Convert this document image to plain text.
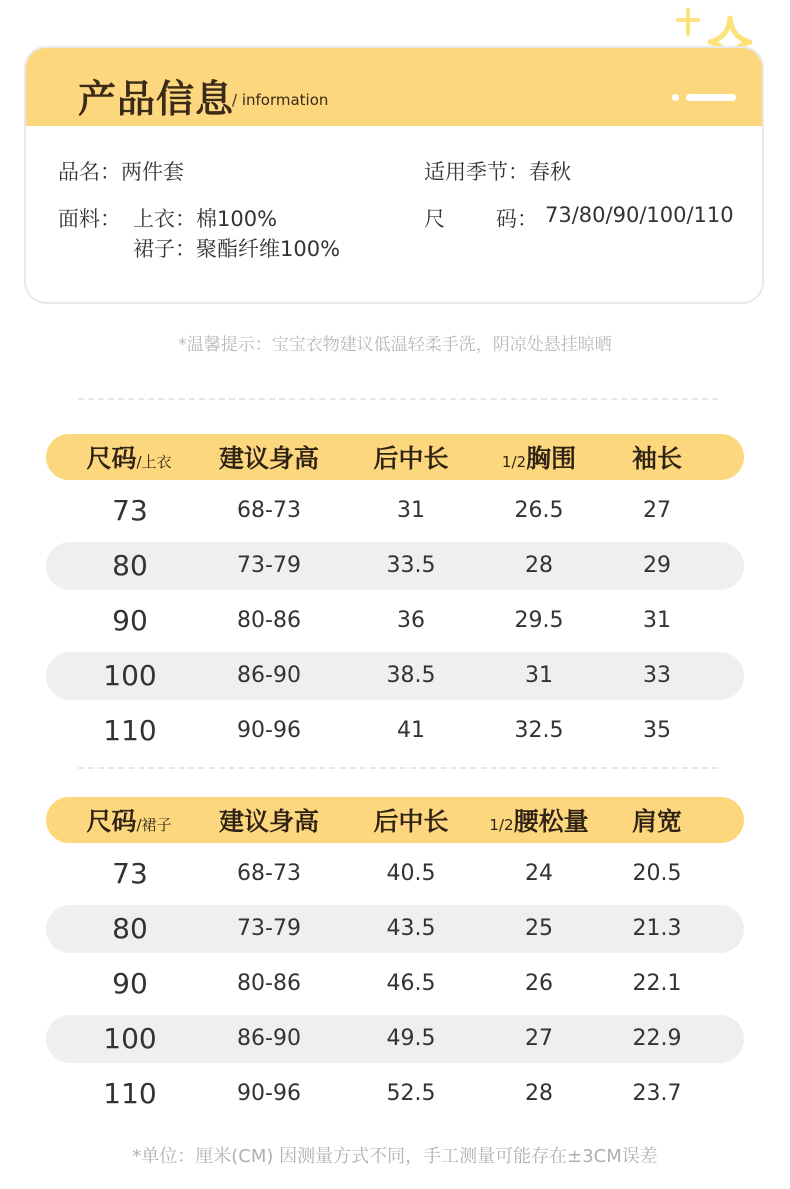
产品信息
/ information
品名：两件套	适用季节：春秋
面料： 上衣：棉100%
裙子：聚酯纤维100%
尺 码： 73/80/90/100/110
*温馨提示：宝宝衣物建议低温轻柔手洗，阴凉处悬挂晾晒
尺码/上衣	建议身高	后中长	1/2胸围	袖长
73	68-73	31	26.5	27
80	73-79	33.5	28	29
90	80-86	36	29.5	31
100	86-90	38.5	31	33
110	90-96	41	32.5	35
尺码/裙子	建议身高	后中长	1/2腰松量	肩宽
73	68-73	40.5	24	20.5
80	73-79	43.5	25	21.3
90	80-86	46.5	26	22.1
100	86-90	49.5	27	22.9
110	90-96	52.5	28	23.7
*单位：厘米(CM) 因测量方式不同，手工测量可能存在±3CM误差
